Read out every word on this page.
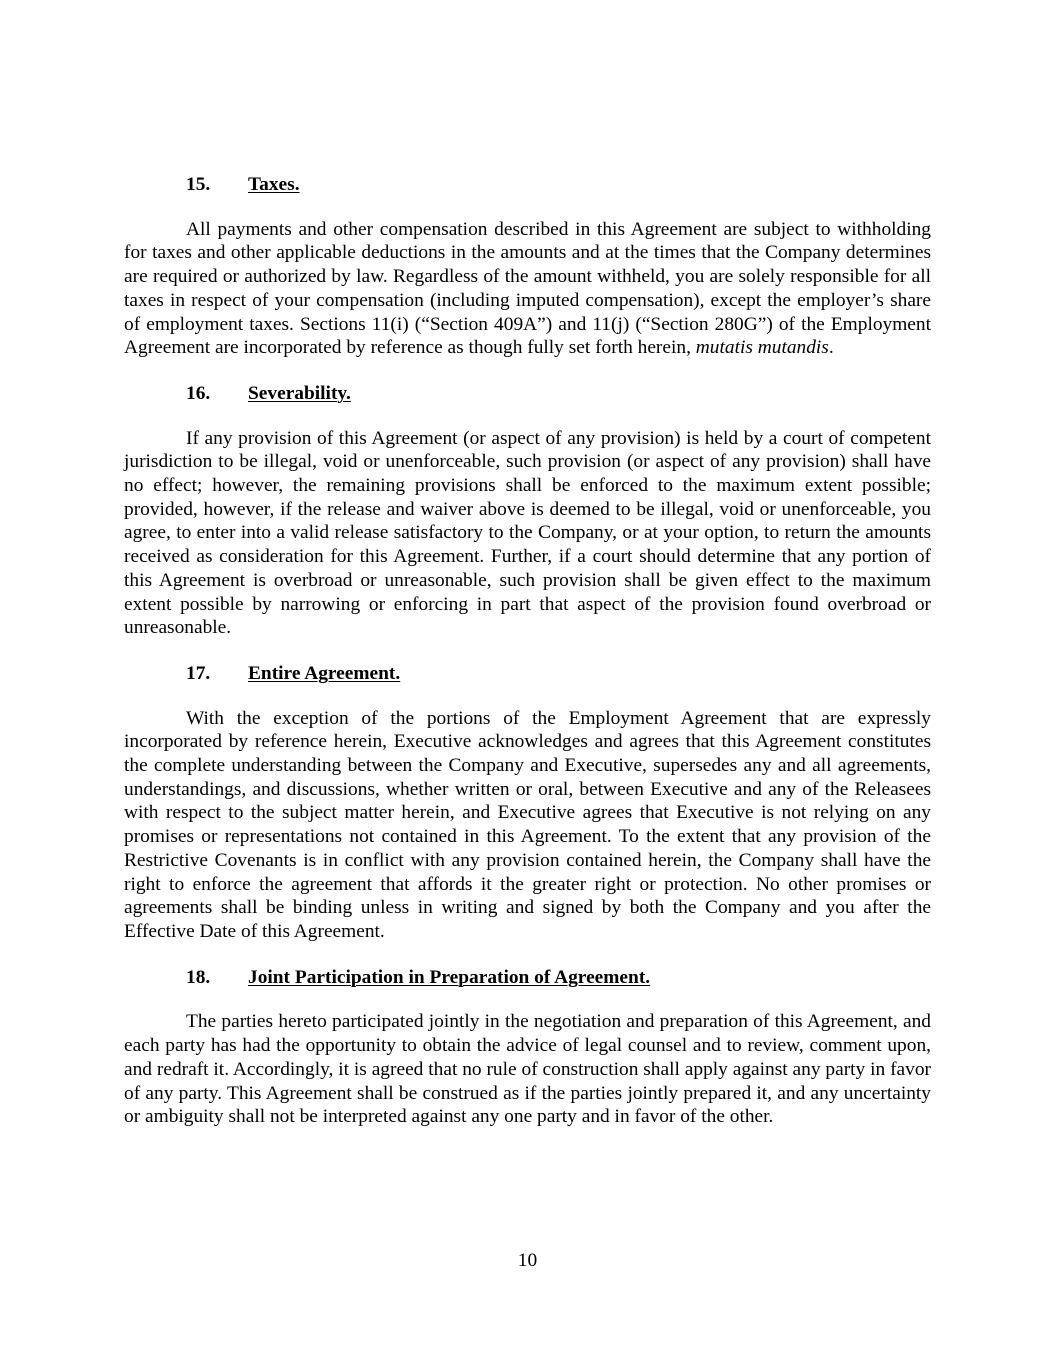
15. Taxes.

All payments and other compensation described in this Agreement are subject to withholding for taxes and other applicable deductions in the amounts and at the times that the Company determines are required or authorized by law. Regardless of the amount withheld, you are solely responsible for all taxes in respect of your compensation (including imputed compensation), except the employer’s share of employment taxes. Sections 11(i) (“Section 409A”) and 11(j) (“Section 280G”) of the Employment Agreement are incorporated by reference as though fully set forth herein, mutatis mutandis.

16. Severability.

If any provision of this Agreement (or aspect of any provision) is held by a court of competent jurisdiction to be illegal, void or unenforceable, such provision (or aspect of any provision) shall have no effect; however, the remaining provisions shall be enforced to the maximum extent possible; provided, however, if the release and waiver above is deemed to be illegal, void or unenforceable, you agree, to enter into a valid release satisfactory to the Company, or at your option, to return the amounts received as consideration for this Agreement. Further, if a court should determine that any portion of this Agreement is overbroad or unreasonable, such provision shall be given effect to the maximum extent possible by narrowing or enforcing in part that aspect of the provision found overbroad or unreasonable.

17. Entire Agreement.

With the exception of the portions of the Employment Agreement that are expressly incorporated by reference herein, Executive acknowledges and agrees that this Agreement constitutes the complete understanding between the Company and Executive, supersedes any and all agreements, understandings, and discussions, whether written or oral, between Executive and any of the Releasees with respect to the subject matter herein, and Executive agrees that Executive is not relying on any promises or representations not contained in this Agreement. To the extent that any provision of the Restrictive Covenants is in conflict with any provision contained herein, the Company shall have the right to enforce the agreement that affords it the greater right or protection. No other promises or agreements shall be binding unless in writing and signed by both the Company and you after the Effective Date of this Agreement.

18. Joint Participation in Preparation of Agreement.

The parties hereto participated jointly in the negotiation and preparation of this Agreement, and each party has had the opportunity to obtain the advice of legal counsel and to review, comment upon, and redraft it. Accordingly, it is agreed that no rule of construction shall apply against any party in favor of any party. This Agreement shall be construed as if the parties jointly prepared it, and any uncertainty or ambiguity shall not be interpreted against any one party and in favor of the other.

10
